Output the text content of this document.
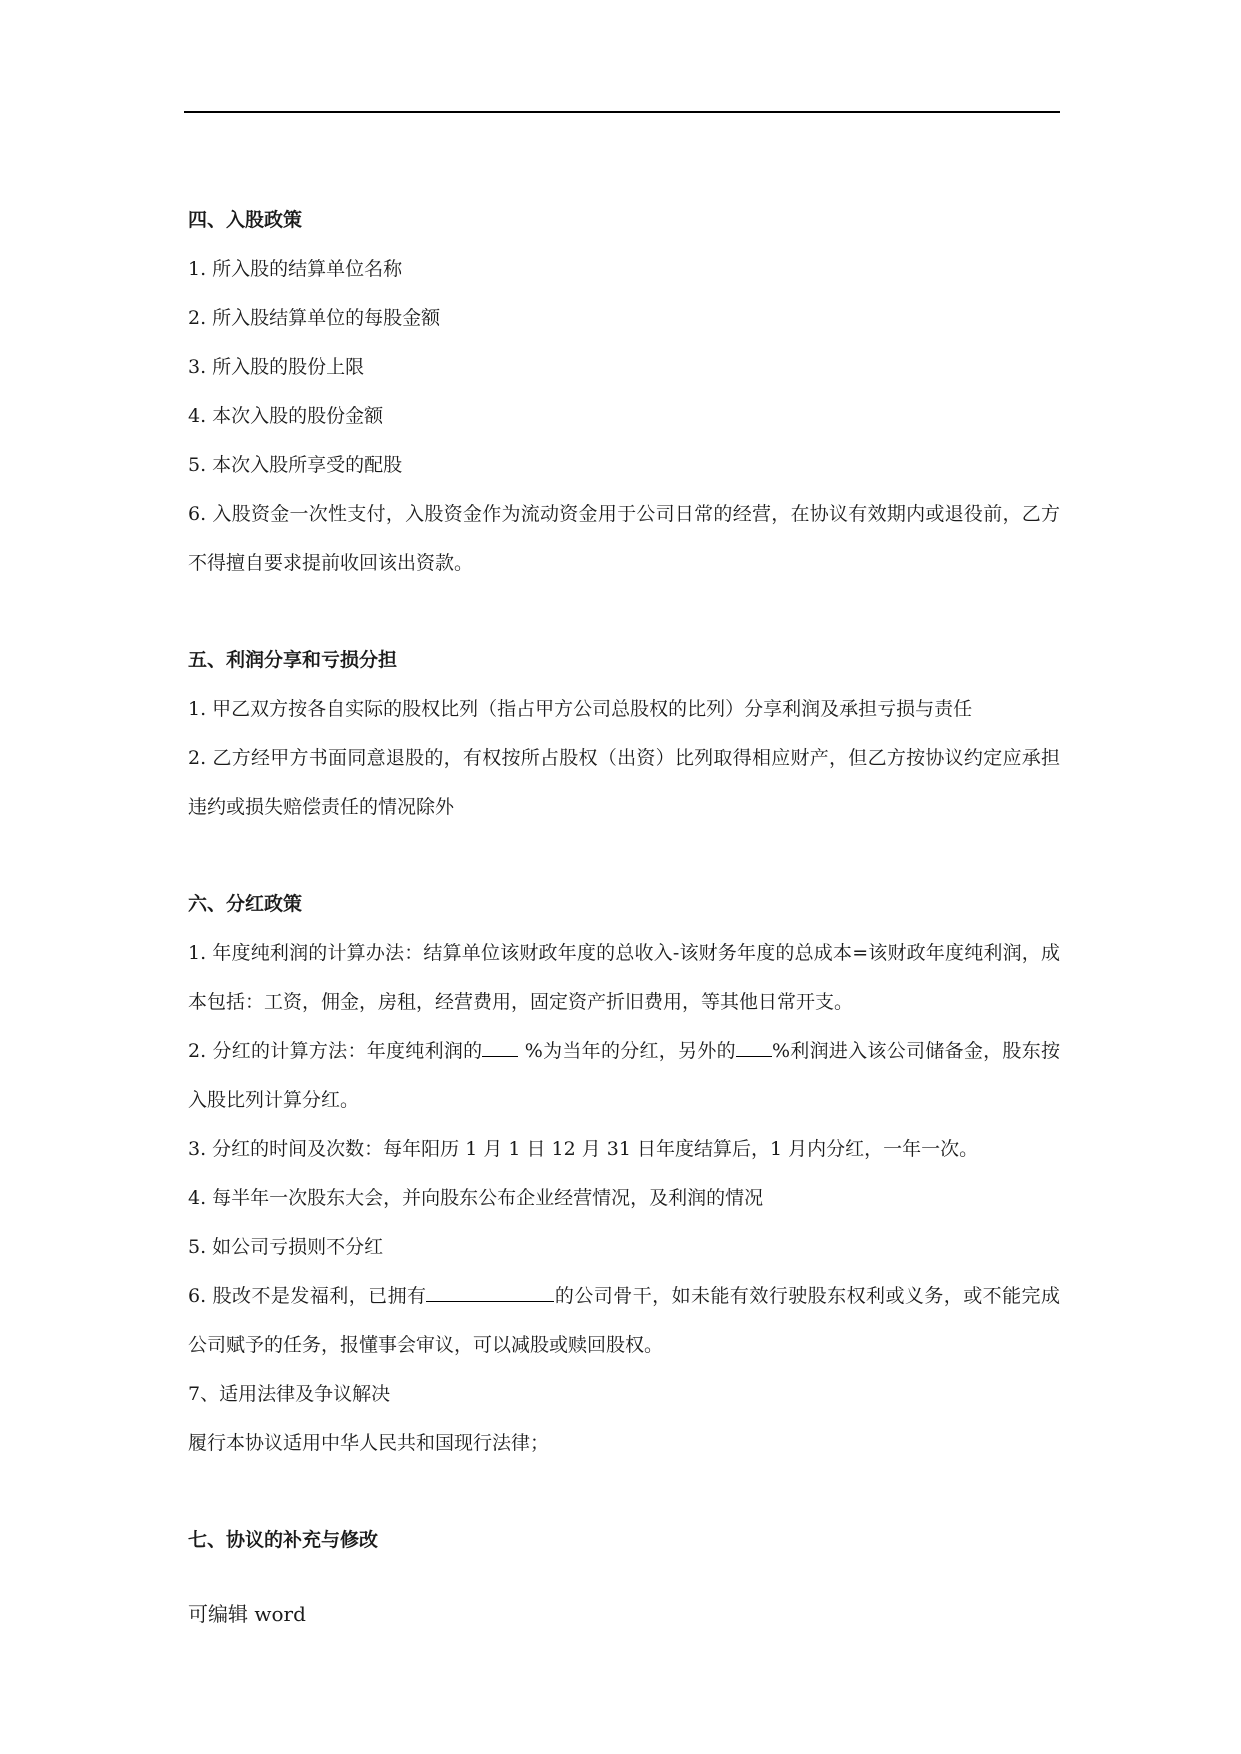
四、入股政策

1. 所入股的结算单位名称

2. 所入股结算单位的每股金额

3. 所入股的股份上限

4. 本次入股的股份金额

5. 本次入股所享受的配股

6. 入股资金一次性支付，入股资金作为流动资金用于公司日常的经营，在协议有效期内或退役前，乙方不得擅自要求提前收回该出资款。

五、利润分享和亏损分担

1. 甲乙双方按各自实际的股权比列（指占甲方公司总股权的比列）分享利润及承担亏损与责任

2. 乙方经甲方书面同意退股的，有权按所占股权（出资）比列取得相应财产，但乙方按协议约定应承担违约或损失赔偿责任的情况除外

六、分红政策

1. 年度纯利润的计算办法：结算单位该财政年度的总收入-该财务年度的总成本=该财政年度纯利润，成本包括：工资，佣金，房租，经营费用，固定资产折旧费用，等其他日常开支。

2. 分红的计算方法：年度纯利润的 %为当年的分红，另外的 %利润进入该公司储备金，股东按入股比列计算分红。

3. 分红的时间及次数：每年阳历 1 月 1 日 12 月 31 日年度结算后，1 月内分红，一年一次。

4. 每半年一次股东大会，并向股东公布企业经营情况，及利润的情况

5. 如公司亏损则不分红

6. 股改不是发福利，已拥有	的公司骨干，如未能有效行驶股东权利或义务，或不能完成公司赋予的任务，报懂事会审议，可以减股或赎回股权。

7、适用法律及争议解决

履行本协议适用中华人民共和国现行法律；

七、协议的补充与修改

可编辑 word
